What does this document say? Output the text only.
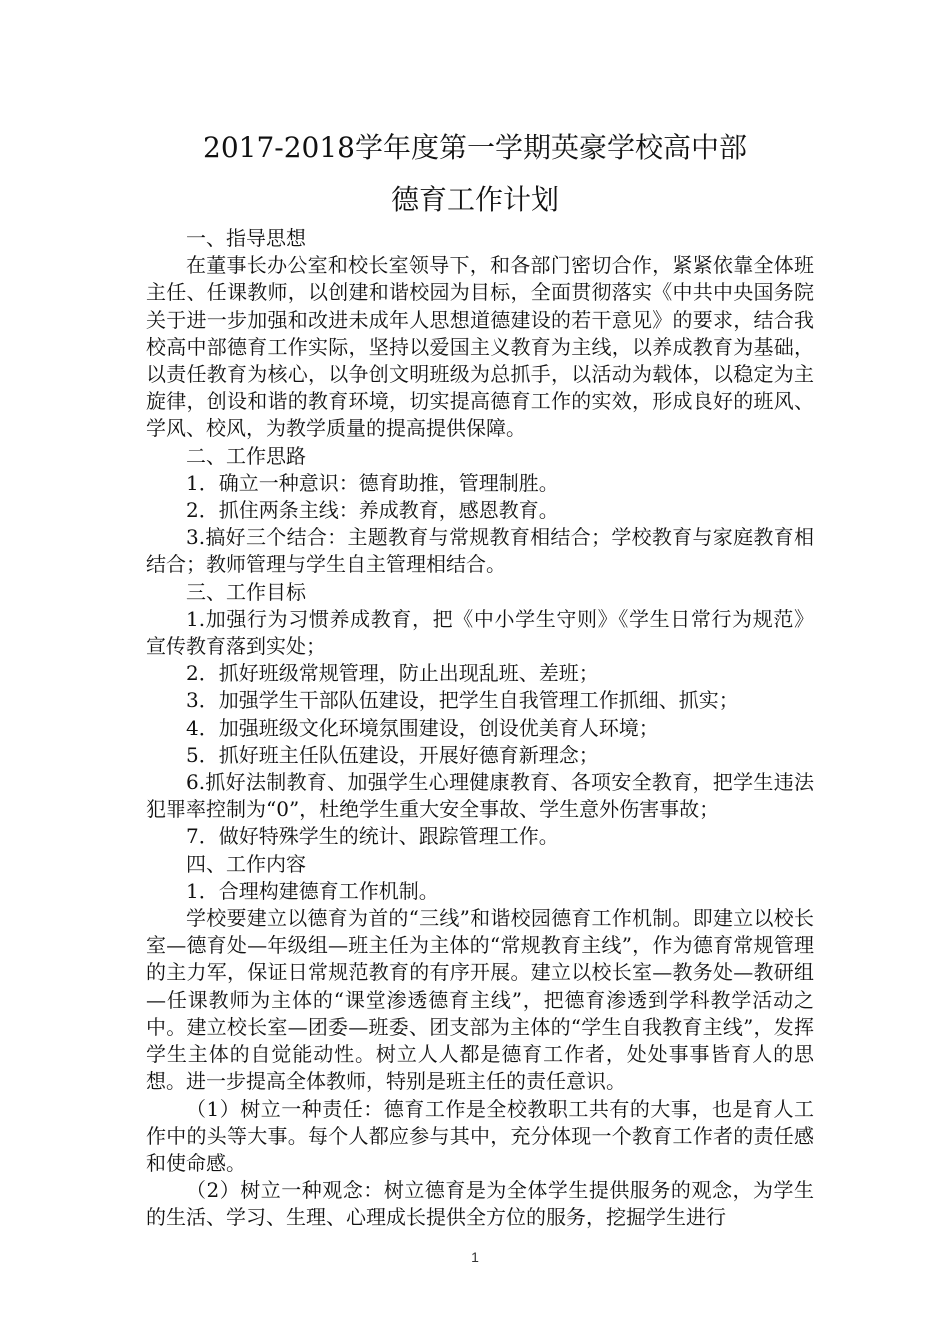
2017-2018学年度第一学期英豪学校高中部
德育工作计划

一、指导思想

在董事长办公室和校长室领导下，和各部门密切合作，紧紧依靠全体班主任、任课教师，以创建和谐校园为目标，全面贯彻落实《中共中央国务院关于进一步加强和改进未成年人思想道德建设的若干意见》的要求，结合我校高中部德育工作实际，坚持以爱国主义教育为主线，以养成教育为基础，以责任教育为核心，以争创文明班级为总抓手，以活动为载体，以稳定为主旋律，创设和谐的教育环境，切实提高德育工作的实效，形成良好的班风、学风、校风，为教学质量的提高提供保障。

二、工作思路

1．确立一种意识：德育助推，管理制胜。

2．抓住两条主线：养成教育，感恩教育。

3.搞好三个结合：主题教育与常规教育相结合；学校教育与家庭教育相结合；教师管理与学生自主管理相结合。

三、工作目标

1.加强行为习惯养成教育，把《中小学生守则》《学生日常行为规范》宣传教育落到实处；

2．抓好班级常规管理，防止出现乱班、差班；

3．加强学生干部队伍建设，把学生自我管理工作抓细、抓实；

4．加强班级文化环境氛围建设，创设优美育人环境；

5．抓好班主任队伍建设，开展好德育新理念；

6.抓好法制教育、加强学生心理健康教育、各项安全教育，把学生违法犯罪率控制为“0”，杜绝学生重大安全事故、学生意外伤害事故；

7．做好特殊学生的统计、跟踪管理工作。

四、工作内容

1．合理构建德育工作机制。

学校要建立以德育为首的“三线”和谐校园德育工作机制。即建立以校长室—德育处—年级组—班主任为主体的“常规教育主线”，作为德育常规管理的主力军，保证日常规范教育的有序开展。建立以校长室—教务处—教研组—任课教师为主体的“课堂渗透德育主线”，把德育渗透到学科教学活动之中。建立校长室—团委—班委、团支部为主体的“学生自我教育主线”，发挥学生主体的自觉能动性。树立人人都是德育工作者，处处事事皆育人的思想。进一步提高全体教师，特别是班主任的责任意识。

（1）树立一种责任：德育工作是全校教职工共有的大事，也是育人工作中的头等大事。每个人都应参与其中，充分体现一个教育工作者的责任感和使命感。

（2）树立一种观念：树立德育是为全体学生提供服务的观念，为学生的生活、学习、生理、心理成长提供全方位的服务，挖掘学生进行

1
